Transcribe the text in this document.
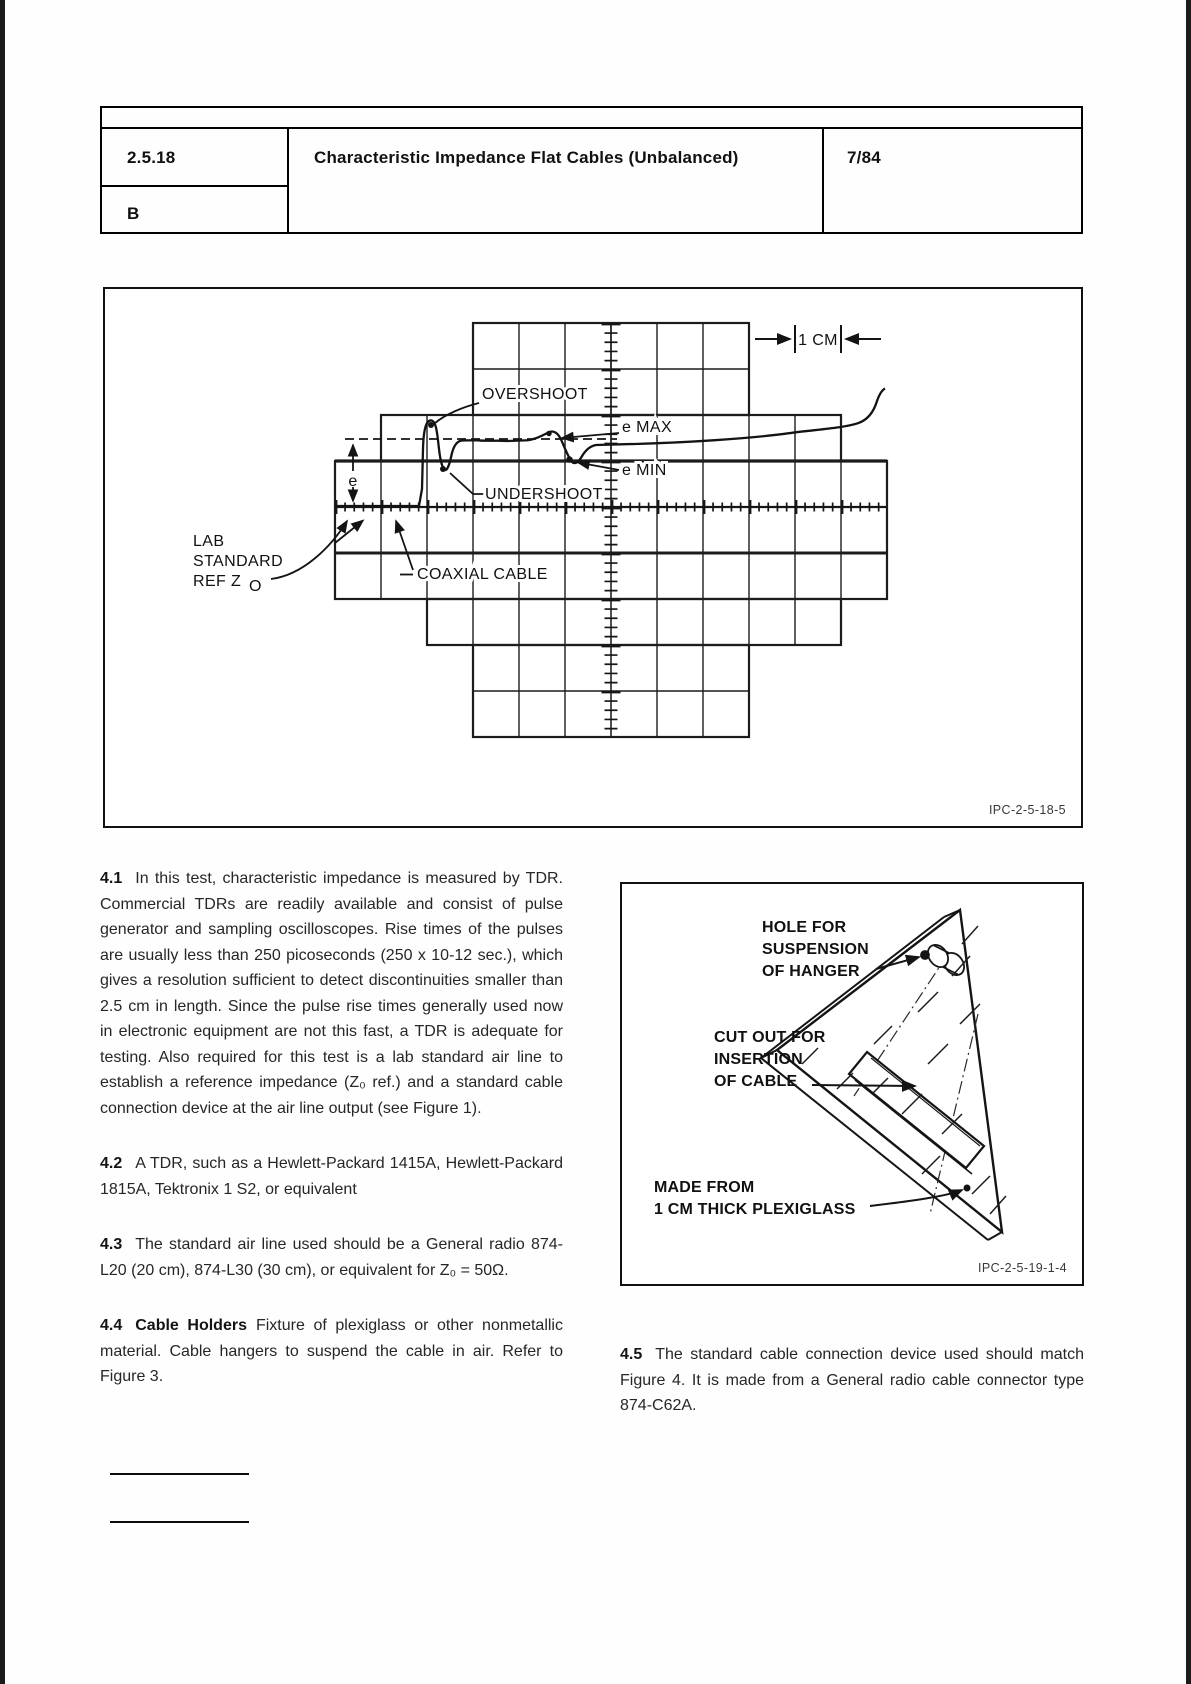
2.5.18
B
Characteristic Impedance Flat Cables (Unbalanced)	7/84
1 CM
e
OVERSHOOT
e MAX
e MIN
UNDERSHOOT
LAB
STANDARD
REF Z O
COAXIAL CABLE
IPC-2-5-18-5

4.1 In this test, characteristic impedance is measured by TDR. Commercial TDRs are readily available and consist of pulse generator and sampling oscilloscopes. Rise times of the pulses are usually less than 250 picoseconds (250 x 10-12 sec.), which gives a resolution sufficient to detect discontinuities smaller than 2.5 cm in length. Since the pulse rise times generally used now in electronic equipment are not this fast, a TDR is adequate for testing. Also required for this test is a lab standard air line to establish a reference impedance (Z₀ ref.) and a standard cable connection device at the air line output (see Figure 1).

4.2 A TDR, such as a Hewlett-Packard 1415A, Hewlett-Packard 1815A, Tektronix 1 S2, or equivalent

4.3 The standard air line used should be a General radio 874-L20 (20 cm), 874-L30 (30 cm), or equivalent for Z₀ = 50Ω.

4.4 Cable Holders Fixture of plexiglass or other nonmetallic material. Cable hangers to suspend the cable in air. Refer to Figure 3.

HOLE FOR
SUSPENSION
OF HANGER
CUT OUT FOR
INSERTION
OF CABLE
MADE FROM
1 CM THICK PLEXIGLASS
IPC-2-5-19-1-4

4.5 The standard cable connection device used should match Figure 4. It is made from a General radio cable connector type 874-C62A.
